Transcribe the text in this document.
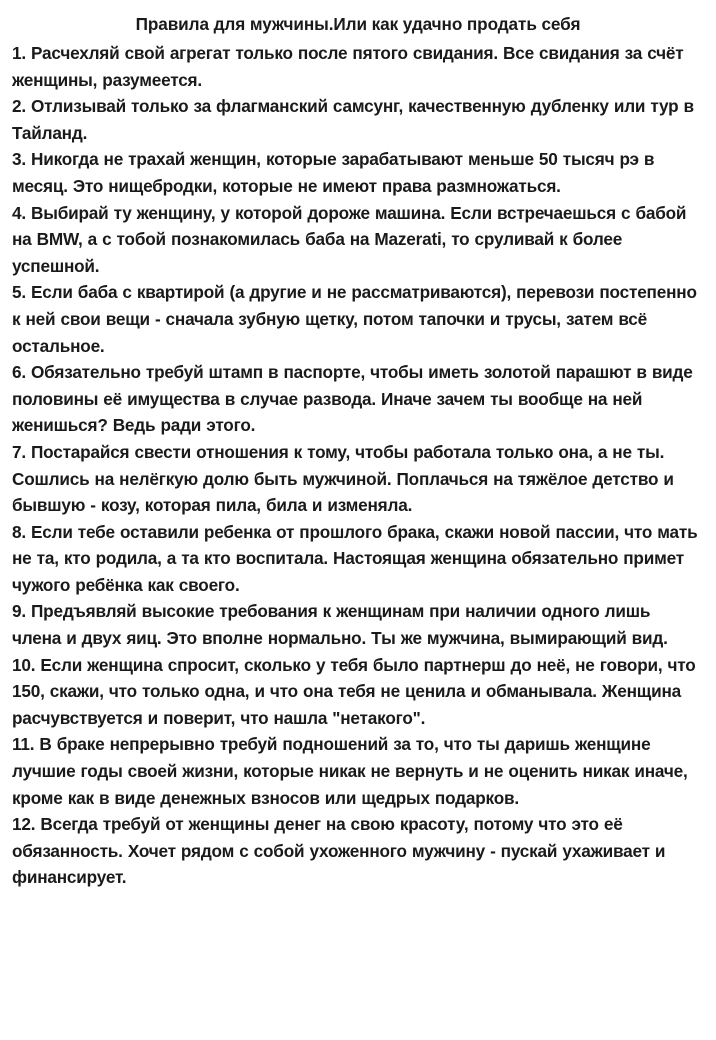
Правила для мужчины.Или как удачно продать себя

1. Расчехляй свой агрегат только после пятого свидания. Все свидания за счёт женщины, разумеется.

2. Отлизывай только за флагманский самсунг, качественную дубленку или тур в Тайланд.

3. Никогда не трахай женщин, которые зарабатывают меньше 50 тысяч рэ в месяц. Это нищебродки, которые не имеют права размножаться.

4. Выбирай ту женщину, у которой дороже машина. Если встречаешься с бабой на BMW, а с тобой познакомилась баба на Mazerati, то сруливай к более успешной.

5. Если баба с квартирой (а другие и не рассматриваются), перевози постепенно к ней свои вещи - сначала зубную щетку, потом тапочки и трусы, затем всё остальное.

6. Обязательно требуй штамп в паспорте, чтобы иметь золотой парашют в виде половины её имущества в случае развода. Иначе зачем ты вообще на ней женишься? Ведь ради этого.

7. Постарайся свести отношения к тому, чтобы работала только она, а не ты. Сошлись на нелёгкую долю быть мужчиной. Поплачься на тяжёлое детство и бывшую - козу, которая пила, била и изменяла.

8. Если тебе оставили ребенка от прошлого брака, скажи новой пассии, что мать не та, кто родила, а та кто воспитала. Настоящая женщина обязательно примет чужого ребёнка как своего.

9. Предъявляй высокие требования к женщинам при наличии одного лишь члена и двух яиц. Это вполне нормально. Ты же мужчина, вымирающий вид.

10. Если женщина спросит, сколько у тебя было партнерш до неё, не говори, что 150, скажи, что только одна, и что она тебя не ценила и обманывала. Женщина расчувствуется и поверит, что нашла "нетакого".

11. В браке непрерывно требуй подношений за то, что ты даришь женщине лучшие годы своей жизни, которые никак не вернуть и не оценить никак иначе, кроме как в виде денежных взносов или щедрых подарков.

12. Всегда требуй от женщины денег на свою красоту, потому что это её обязанность. Хочет рядом с собой ухоженного мужчину - пускай ухаживает и финансирует.
